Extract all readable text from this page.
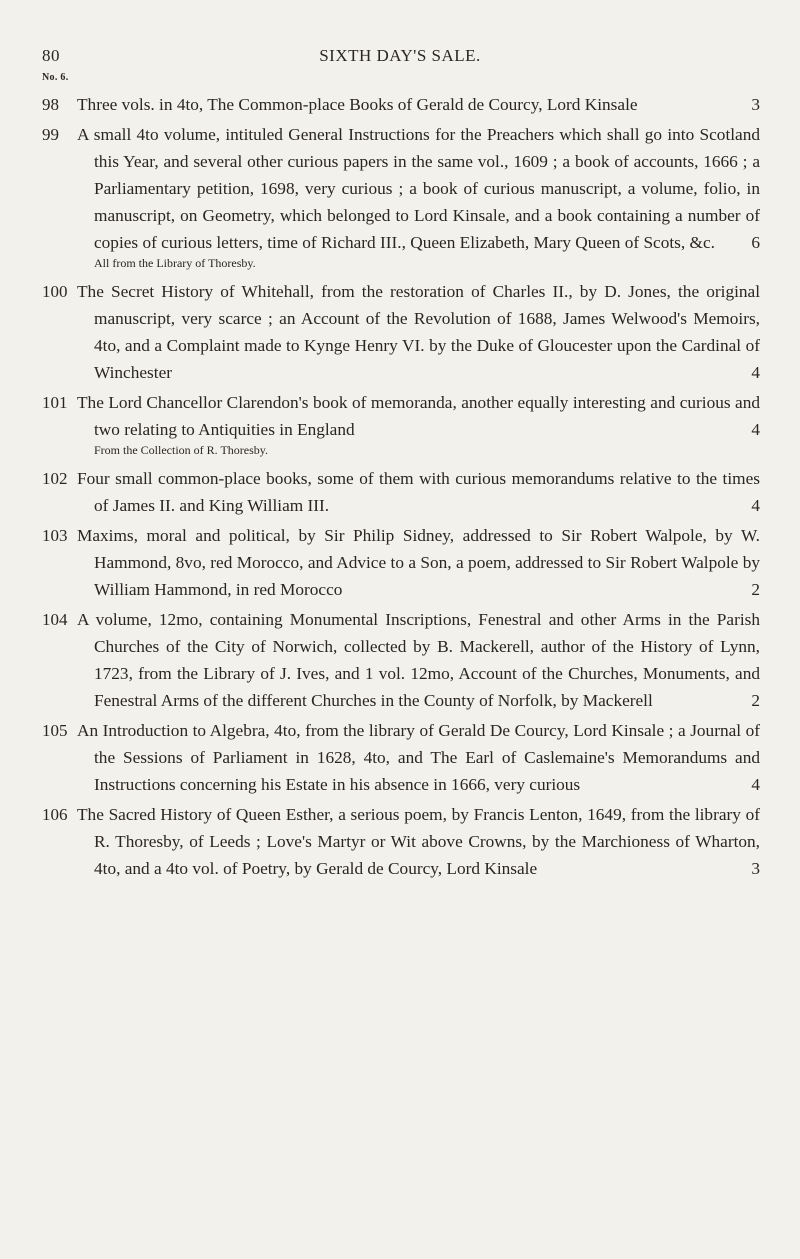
80	SIXTH DAY'S SALE.
No. 6.
98 Three vols. in 4to, The Common-place Books of Gerald de Courcy, Lord Kinsale	3
99 A small 4to volume, intituled General Instructions for the Preachers which shall go into Scotland this Year, and several other curious papers in the same vol., 1609 ; a book of accounts, 1666 ; a Parliamentary petition, 1698, very curious ; a book of curious manuscript, a volume, folio, in manuscript, on Geometry, which belonged to Lord Kinsale, and a book containing a number of copies of curious letters, time of Richard III., Queen Elizabeth, Mary Queen of Scots, &c.	6
All from the Library of Thoresby.
100 The Secret History of Whitehall, from the restoration of Charles II., by D. Jones, the original manuscript, very scarce ; an Account of the Revolution of 1688, James Welwood's Memoirs, 4to, and a Complaint made to Kynge Henry VI. by the Duke of Gloucester upon the Cardinal of Winchester	4
101 The Lord Chancellor Clarendon's book of memoranda, another equally interesting and curious and two relating to Antiquities in England	4
From the Collection of R. Thoresby.
102 Four small common-place books, some of them with curious memorandums relative to the times of James II. and King William III.	4
103 Maxims, moral and political, by Sir Philip Sidney, addressed to Sir Robert Walpole, by W. Hammond, 8vo, red Morocco, and Advice to a Son, a poem, addressed to Sir Robert Walpole by William Hammond, in red Morocco	2
104 A volume, 12mo, containing Monumental Inscriptions, Fenestral and other Arms in the Parish Churches of the City of Norwich, collected by B. Mackerell, author of the History of Lynn, 1723, from the Library of J. Ives, and 1 vol. 12mo, Account of the Churches, Monuments, and Fenestral Arms of the different Churches in the County of Norfolk, by Mackerell	2
105 An Introduction to Algebra, 4to, from the library of Gerald De Courcy, Lord Kinsale ; a Journal of the Sessions of Parliament in 1628, 4to, and The Earl of Caslemaine's Memorandums and Instructions concerning his Estate in his absence in 1666, very curious	4
106 The Sacred History of Queen Esther, a serious poem, by Francis Lenton, 1649, from the library of R. Thoresby, of Leeds ; Love's Martyr or Wit above Crowns, by the Marchioness of Wharton, 4to, and a 4to vol. of Poetry, by Gerald de Courcy, Lord Kinsale	3
